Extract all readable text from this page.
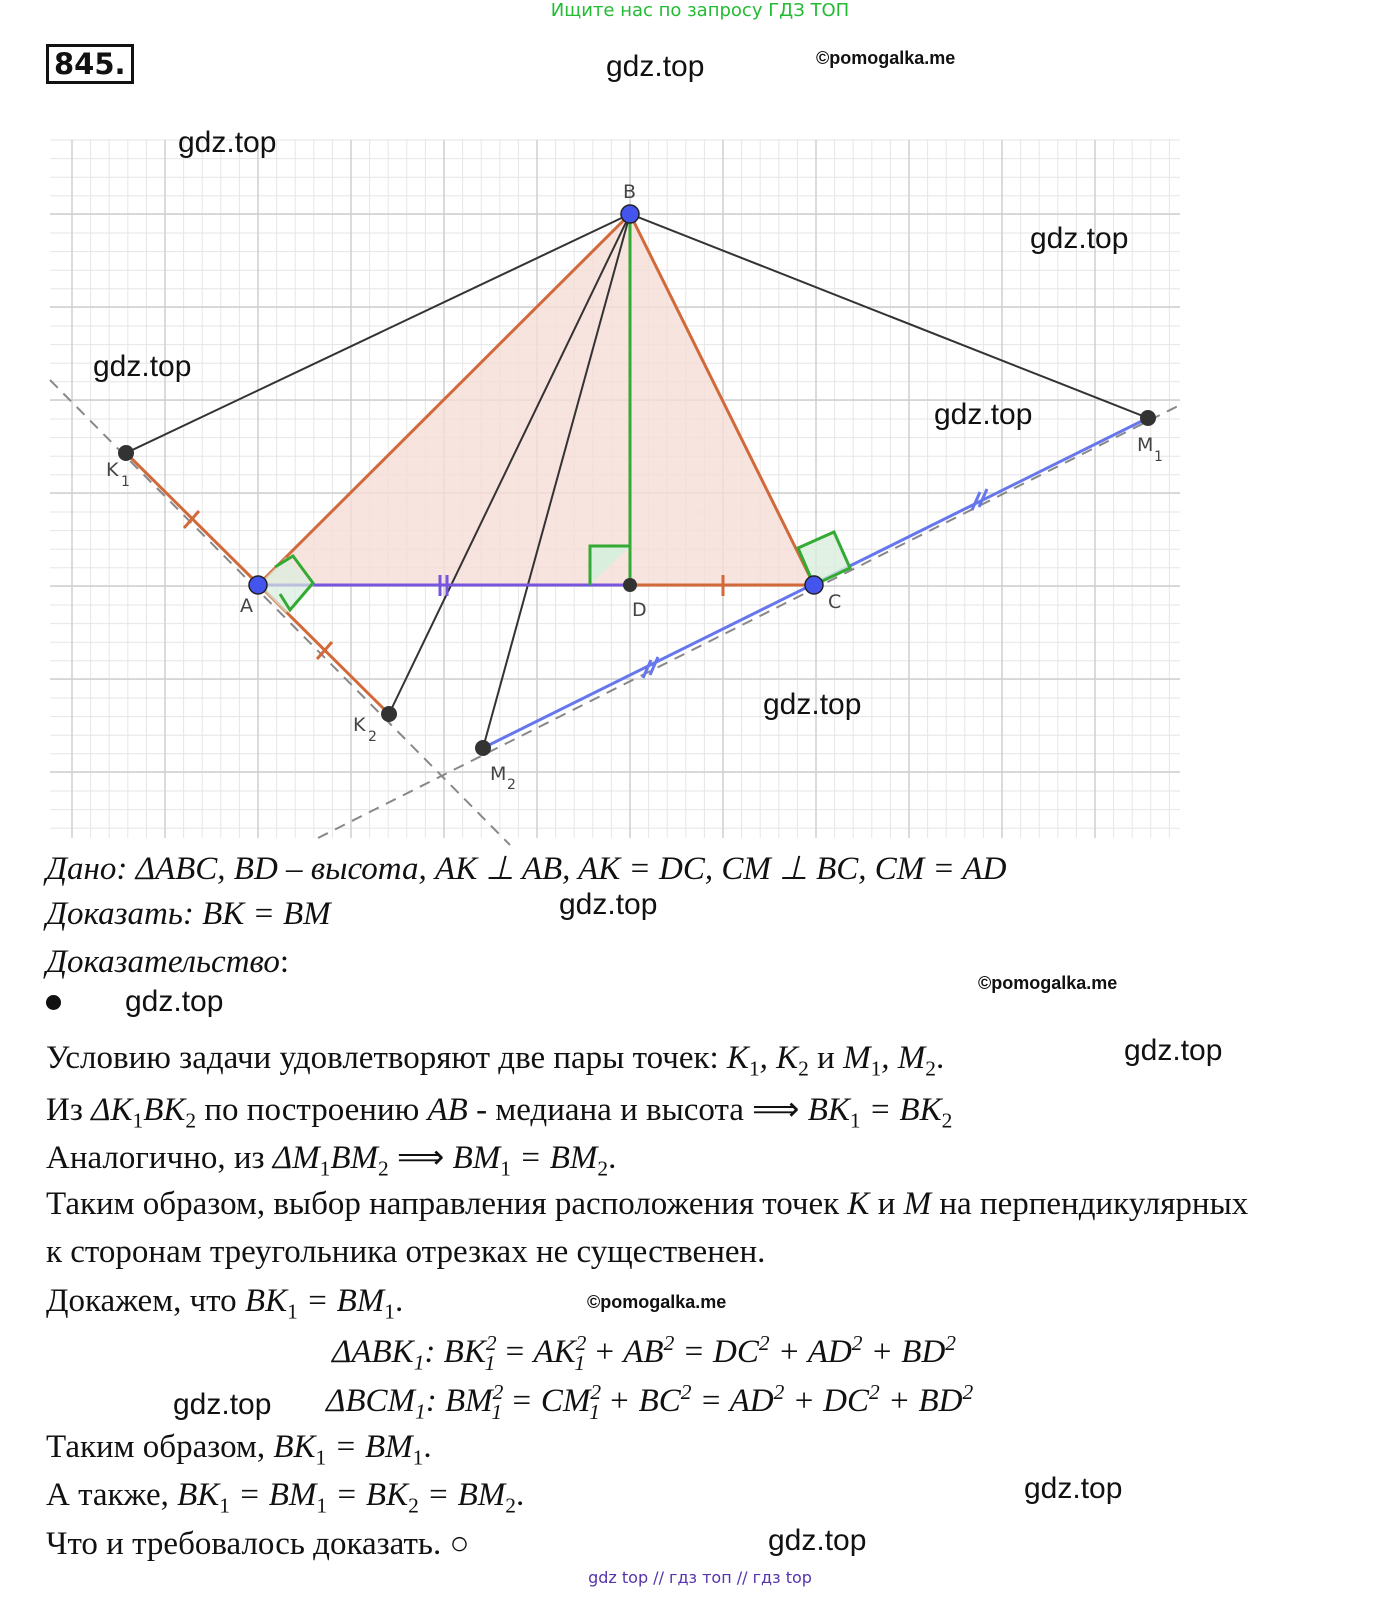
Ищите нас по запросу ГДЗ ТОП
845.
B
A	C
D
K
1
K
2
M
1
M 2
gdz.top	©pomogalka.me
gdz.top
gdz.top
gdz.top
gdz.top
gdz.top
gdz.top
©pomogalka.me
gdz.top
gdz.top
©pomogalka.me
gdz.top
gdz.top
gdz.top
Дано: ΔABC, BD – высота, AK ⊥ AB, AK = DC, CM ⊥ BC, CM = AD
Доказать: BK = BM
Доказательство:
Условию задачи удовлетворяют две пары точек: $K_1$, $K_2$ и $M_1$, $M_2$.
Из $\Delta K_1BK_2$ по построению AB - медиана и высота ⟹ $BK_1 = BK_2$
Аналогично, из $\Delta M_1BM_2$ ⟹ $BM_1 = BM_2$.
Таким образом, выбор направления расположения точек K и M на перпендикулярных
к сторонам треугольника отрезках не существенен.
Докажем, что $BK_1 = BM_1$.
$\Delta ABK_1$: $BK^2_1 = AK^2_1 + AB^2 = DC^2 + AD^2 + BD^2$
$\Delta BCM_1$: $BM^2_1 = CM^2_1 + BC^2 = AD^2 + DC^2 + BD^2$
Таким образом, $BK_1 = BM_1$.
А также, $BK_1 = BM_1 = BK_2 = BM_2$.
Что и требовалось доказать. ○
gdz top // гдз топ // гдз top
